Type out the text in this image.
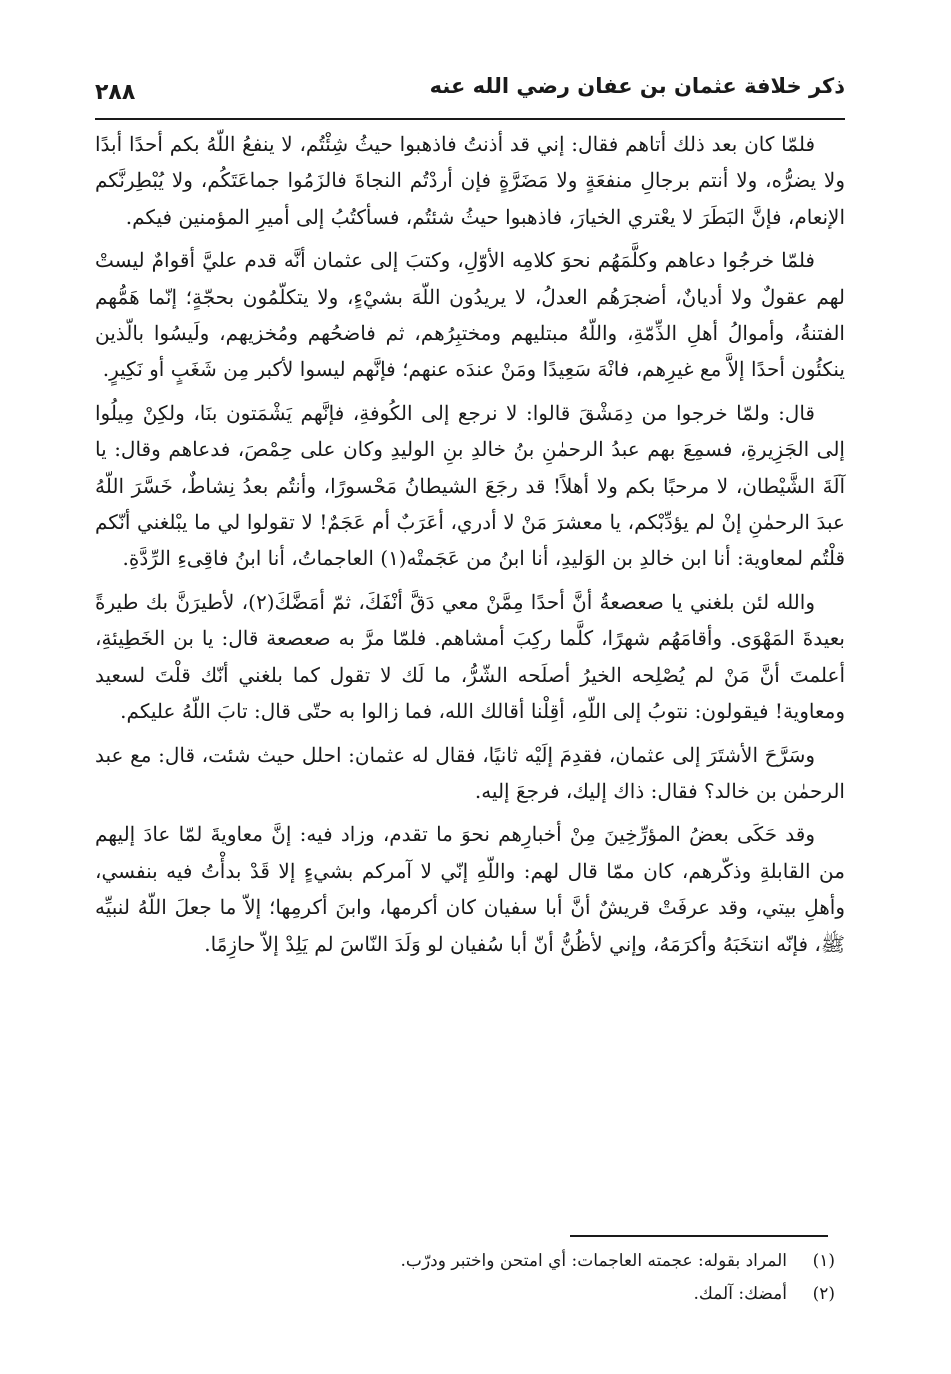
ذكر خلافة عثمان بن عفان رضي الله عنه
٢٨٨

فلمّا كان بعد ذلك أتاهم فقال: إني قد أذنتُ فاذهبوا حيثُ شِئْتُم، لا ينفعُ اللّهُ بكم أحدًا أبدًا ولا يضرُّه، ولا أنتم برجالِ منفعَةٍ ولا مَضَرَّةٍ فإن أردْتُم النجاةَ فالزَمُوا جماعَتَكُم، ولا يُبْطِرنَّكم الإنعام، فإنَّ البَطَرَ لا يعْتري الخيارَ، فاذهبوا حيثُ شئتُم، فسأكتُبُ إلى أميرِ المؤمنين فيكم.

فلمّا خرجُوا دعاهم وكلَّمَهُم نحوَ كلامِه الأوّلِ، وكتبَ إلى عثمان أنَّه قدم عليَّ أقوامٌ ليستْ لهم عقولٌ ولا أديانٌ، أضجرَهُم العدلُ، لا يريدُون اللّهَ بشيْءٍ، ولا يتكلّمُون بحجّةٍ؛ إنّما هَمُّهم الفتنةُ، وأموالُ أهلِ الذِّمّةِ، واللّهُ مبتليهم ومختبِرُهم، ثم فاضحُهم ومُخزيهم، ولَيسُوا بالّذين ينكئُون أحدًا إلاَّ مع غيرِهم، فانْهَ سَعِيدًا ومَنْ عندَه عنهم؛ فإنَّهم ليسوا لأكبر مِن شَغَبٍ أو نَكِيرٍ.

قال: ولمّا خرجوا من دِمَشْقَ قالوا: لا نرجع إلى الكُوفةِ، فإنَّهم يَشْمَتون بنَا، ولكِنْ مِيلُوا إلى الجَزِيرةِ، فسمِعَ بهم عبدُ الرحمٰنِ بنُ خالدِ بنِ الوليدِ وكان على حِمْصَ، فدعاهم وقال: يا آلَةَ الشَّيْطان، لا مرحبًا بكم ولا أهلاً! قد رجَعَ الشيطانُ مَحْسورًا، وأنتُم بعدُ نِشاطٌ، خَسَّرَ اللّهُ عبدَ الرحمٰنِ إنْ لم يؤدِّبْكم، يا معشرَ مَنْ لا أدري، أعَرَبٌ أم عَجَمٌ! لا تقولوا لي ما يبْلغني أنّكم قلْتُم لمعاوية: أنا ابن خالدِ بن الوَليدِ، أنا ابنُ من عَجَمتْه(١) العاجماتُ، أنا ابنُ فاقِىءِ الرِّدَّةِ.

والله لئن بلغني يا صعصعةُ أنَّ أحدًا مِمَّنْ معي دَقَّ أنْفَكَ، ثمّ أمَضَّكَ(٢)، لأطيرَنَّ بك طيرةً بعيدةَ المَهْوَى. وأقامَهُم شهرًا، كلَّما ركِبَ أمشاهم. فلمّا مرَّ به صعصعة قال: يا بن الخَطِيئةِ، أعلمتَ أنَّ مَنْ لم يُصْلِحه الخيرُ أصلَحه الشّرُّ، ما لَك لا تقول كما بلغني أنّك قلْتَ لسعيد ومعاوية! فيقولون: نتوبُ إلى اللّهِ، أقِلْنا أقالك الله، فما زالوا به حتّى قال: تابَ اللّهُ عليكم.

وسَرَّحَ الأشتَرَ إلى عثمان، فقدِمَ إلَيْه ثانيًا، فقال له عثمان: احلل حيث شئت، قال: مع عبد الرحمٰن بن خالد؟ فقال: ذاك إليك، فرجعَ إليه.

وقد حَكَى بعضُ المؤرِّخِينَ مِنْ أخبارِهم نحوَ ما تقدم، وزاد فيه: إنَّ معاويةَ لمّا عادَ إليهم من القابلةِ وذكّرهم، كان ممّا قال لهم: واللّهِ إنّي لا آمركم بشيءٍ إلا قَدْ بدأْتُ فيه بنفسي، وأهلِ بيتي، وقد عرفَتْ قريشٌ أنَّ أبا سفيان كان أكرمها، وابنَ أكرمِها؛ إلاّ ما جعلَ اللّهُ لنبيِّه ﷺ، فإنّه انتخَبَهُ وأكرَمَهُ، وإني لأظُنُّ أنّ أبا سُفيان لو وَلَدَ النّاسَ لم يَلِدْ إلاّ حازِمًا.

(١)
المراد بقوله: عجمته العاجمات: أي امتحن واختبر ودرّب.
(٢)
أمضك: آلمك.
